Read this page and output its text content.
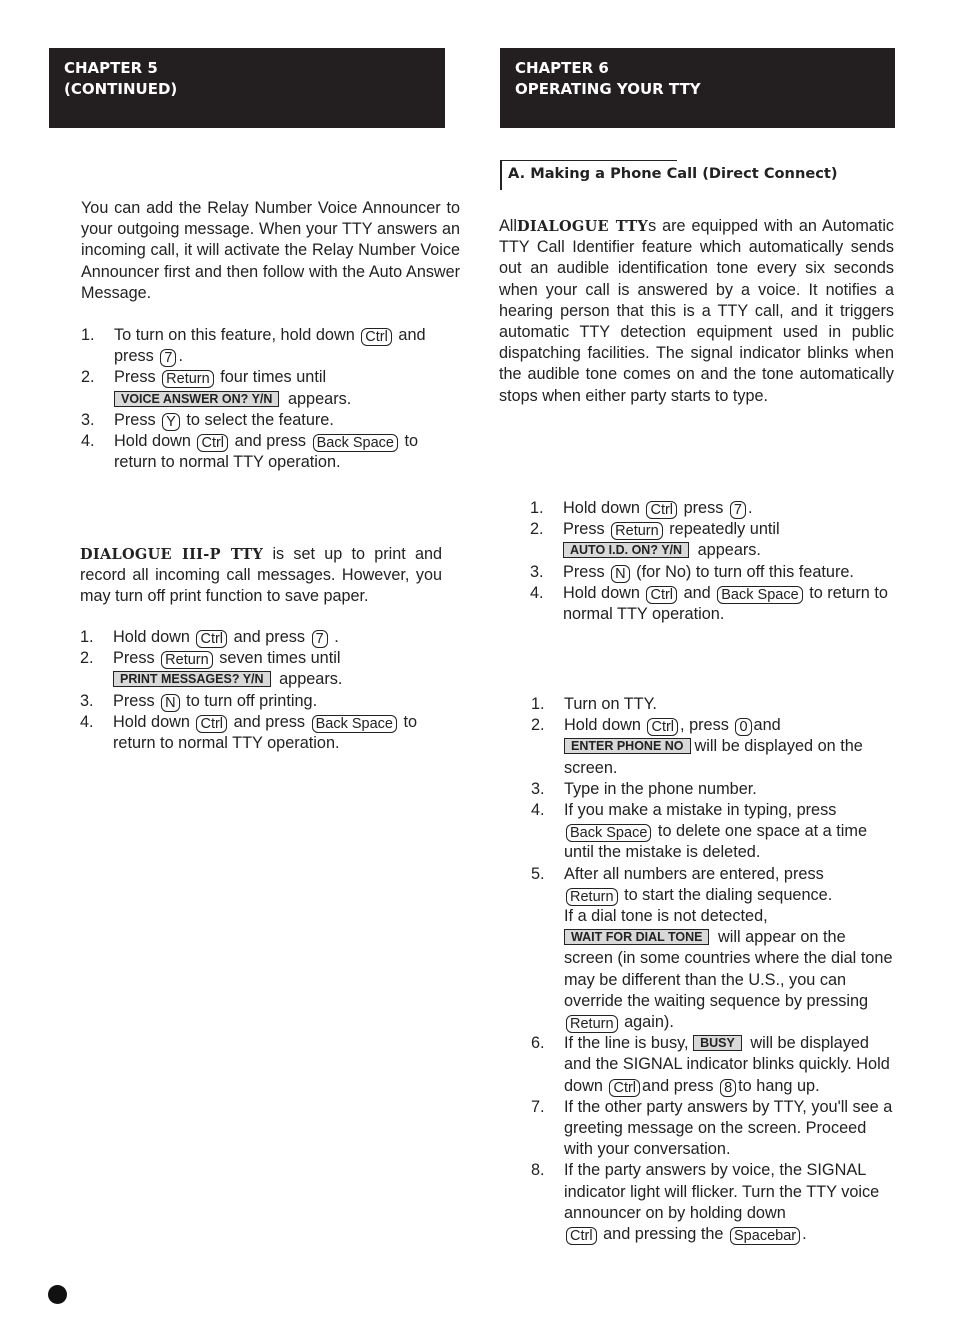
CHAPTER 5
(CONTINUED)
CHAPTER 6
OPERATING YOUR TTY
A. Making a Phone Call (Direct Connect)

You can add the Relay Number Voice Announcer to your outgoing message. When your TTY answers an incoming call, it will activate the Relay Number Voice Announcer first and then follow with the Auto Answer Message.

1. To turn on this feature, hold down Ctrl and press 7 .
2. Press Return four times until
VOICE ANSWER ON? Y/N appears.
3. Press Y to select the feature.
4. Hold down Ctrl and press Back Space to return to normal TTY operation.

DIALOGUE III-P TTY is set up to print and record all incoming call messages. However, you may turn off print function to save paper.

1. Hold down Ctrl and press 7 .
2. Press Return seven times until
PRINT MESSAGES? Y/N appears.
3. Press N to turn off printing.
4. Hold down Ctrl and press Back Space to return to normal TTY operation.

AllDIALOGUE TTYs are equipped with an Automatic TTY Call Identifier feature which automatically sends out an audible identification tone every six seconds when your call is answered by a voice. It notifies a hearing person that this is a TTY call, and it triggers automatic TTY detection equipment used in public dispatching facilities. The signal indicator blinks when the audible tone comes on and the tone automatically stops when either party starts to type.

1. Hold down Ctrl press 7 .
2. Press Return repeatedly until
AUTO I.D. ON? Y/N appears.
3. Press N (for No) to turn off this feature.
4. Hold down Ctrl and Back Space to return to normal TTY operation.
1. Turn on TTY.
2. Hold down Ctrl , press 0 and
ENTER PHONE NO will be displayed on the screen.
3. Type in the phone number.
4. If you make a mistake in typing, press
Back Space to delete one space at a time until the mistake is deleted.
5. After all numbers are entered, press
Return to start the dialing sequence.
If a dial tone is not detected,
WAIT FOR DIAL TONE will appear on the screen (in some countries where the dial tone may be different than the U.S., you can override the waiting sequence by pressing Return again).
6. If the line is busy, BUSY will be displayed and the SIGNAL indicator blinks quickly. Hold down Ctrl and press 8 to hang up.
7. If the other party answers by TTY, you'll see a greeting message on the screen. Proceed with your conversation.
8. If the party answers by voice, the SIGNAL indicator light will flicker. Turn the TTY voice announcer on by holding down
Ctrl and pressing the Spacebar .
